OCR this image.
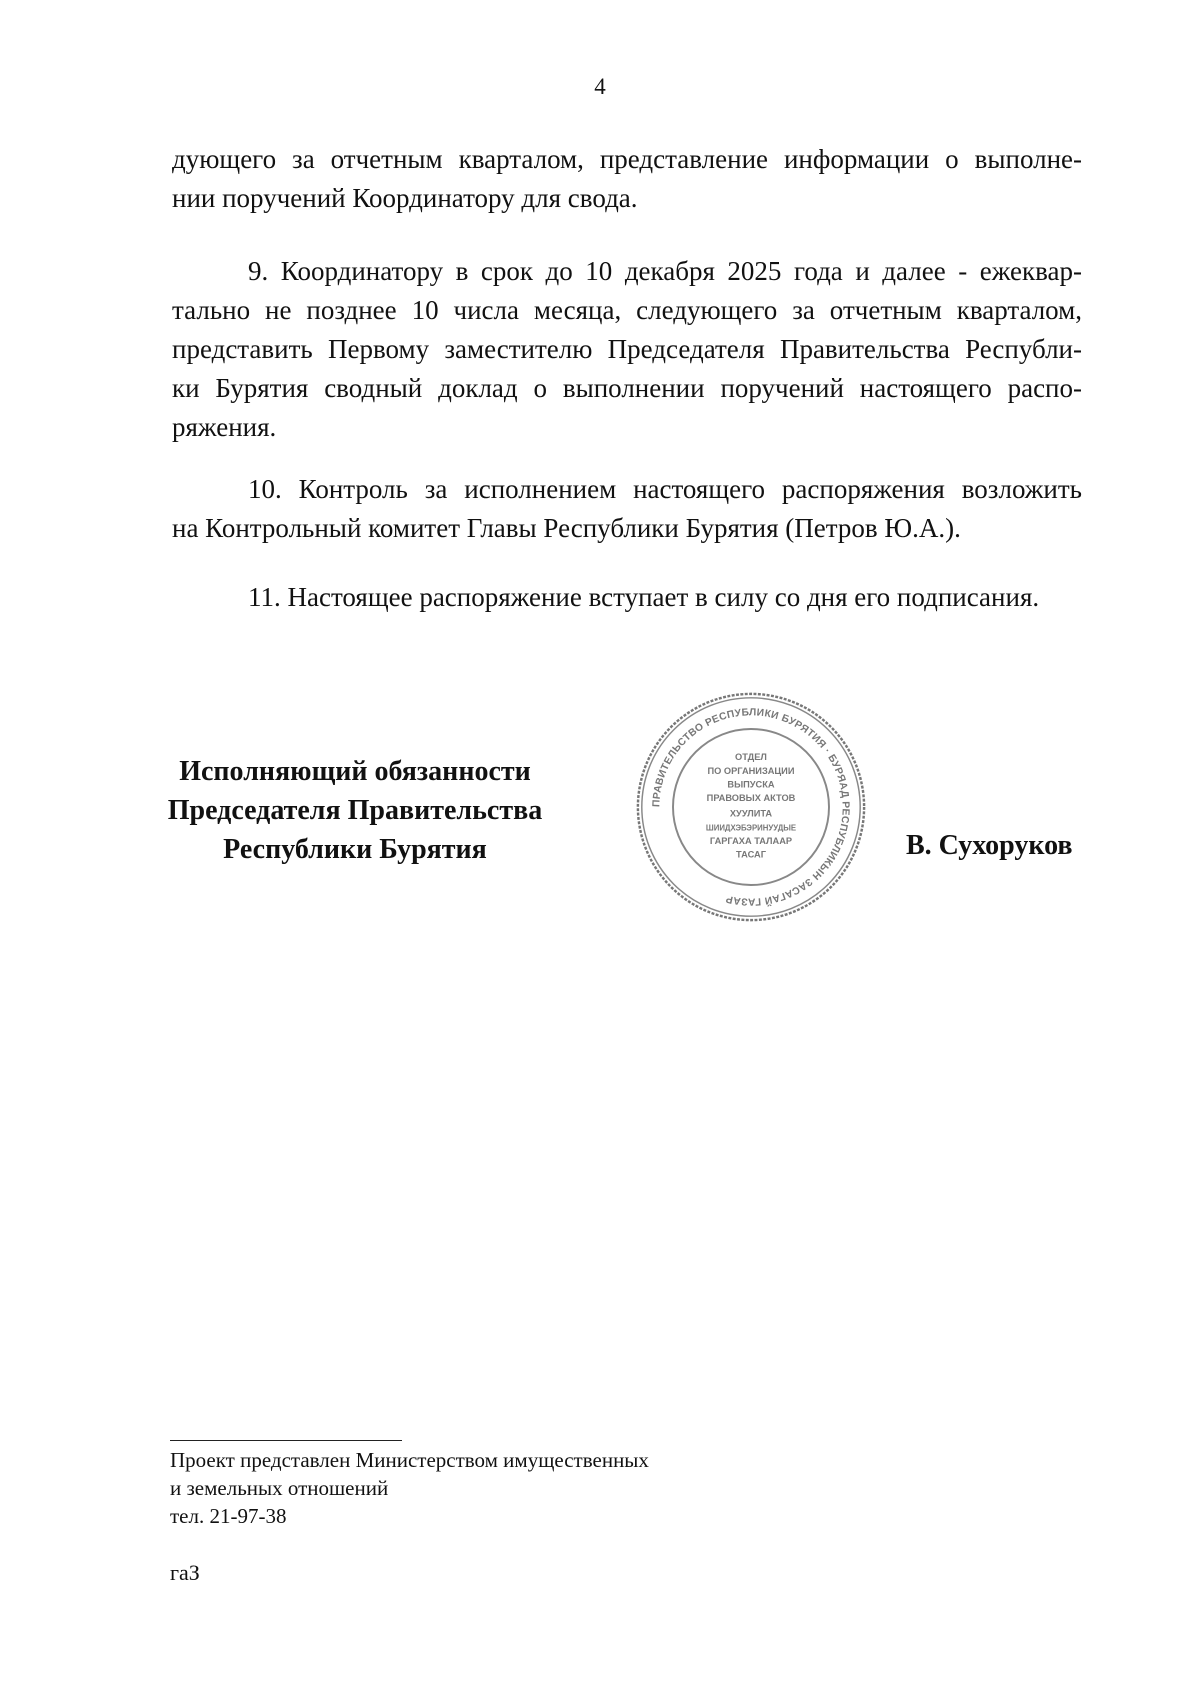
4

дующего за отчетным кварталом, представление информации о выполне-

нии поручений Координатору для свода.

9. Координатору в срок до 10 декабря 2025 года и далее - ежеквар-

тально не позднее 10 числа месяца, следующего за отчетным кварталом,

представить Первому заместителю Председателя Правительства Республи-

ки Бурятия сводный доклад о выполнении поручений настоящего распо-

ряжения.

10. Контроль за исполнением настоящего распоряжения возложить

на Контрольный комитет Главы Республики Бурятия (Петров Ю.А.).

11. Настоящее распоряжение вступает в силу со дня его подписания.

Исполняющий обязанности
Председателя Правительства
Республики Бурятия
ПРАВИТЕЛЬСТВО РЕСПУБЛИКИ БУРЯТИЯ · БУРЯАД РЕСПУБЛИКЫН ЗАСАГАЙ ГАЗАР
ОТДЕЛ
ПО ОРГАНИЗАЦИИ
ВЫПУСКА
ПРАВОВЫХ АКТОВ
ХУУЛИТА
ШИИДХЭБЭРИНУУДЫЕ
ГАРГАХА ТАЛААР
ТАСАГ	В. Сухоруков
Проект представлен Министерством имущественных
и земельных отношений
тел. 21-97-38
гаЗ
